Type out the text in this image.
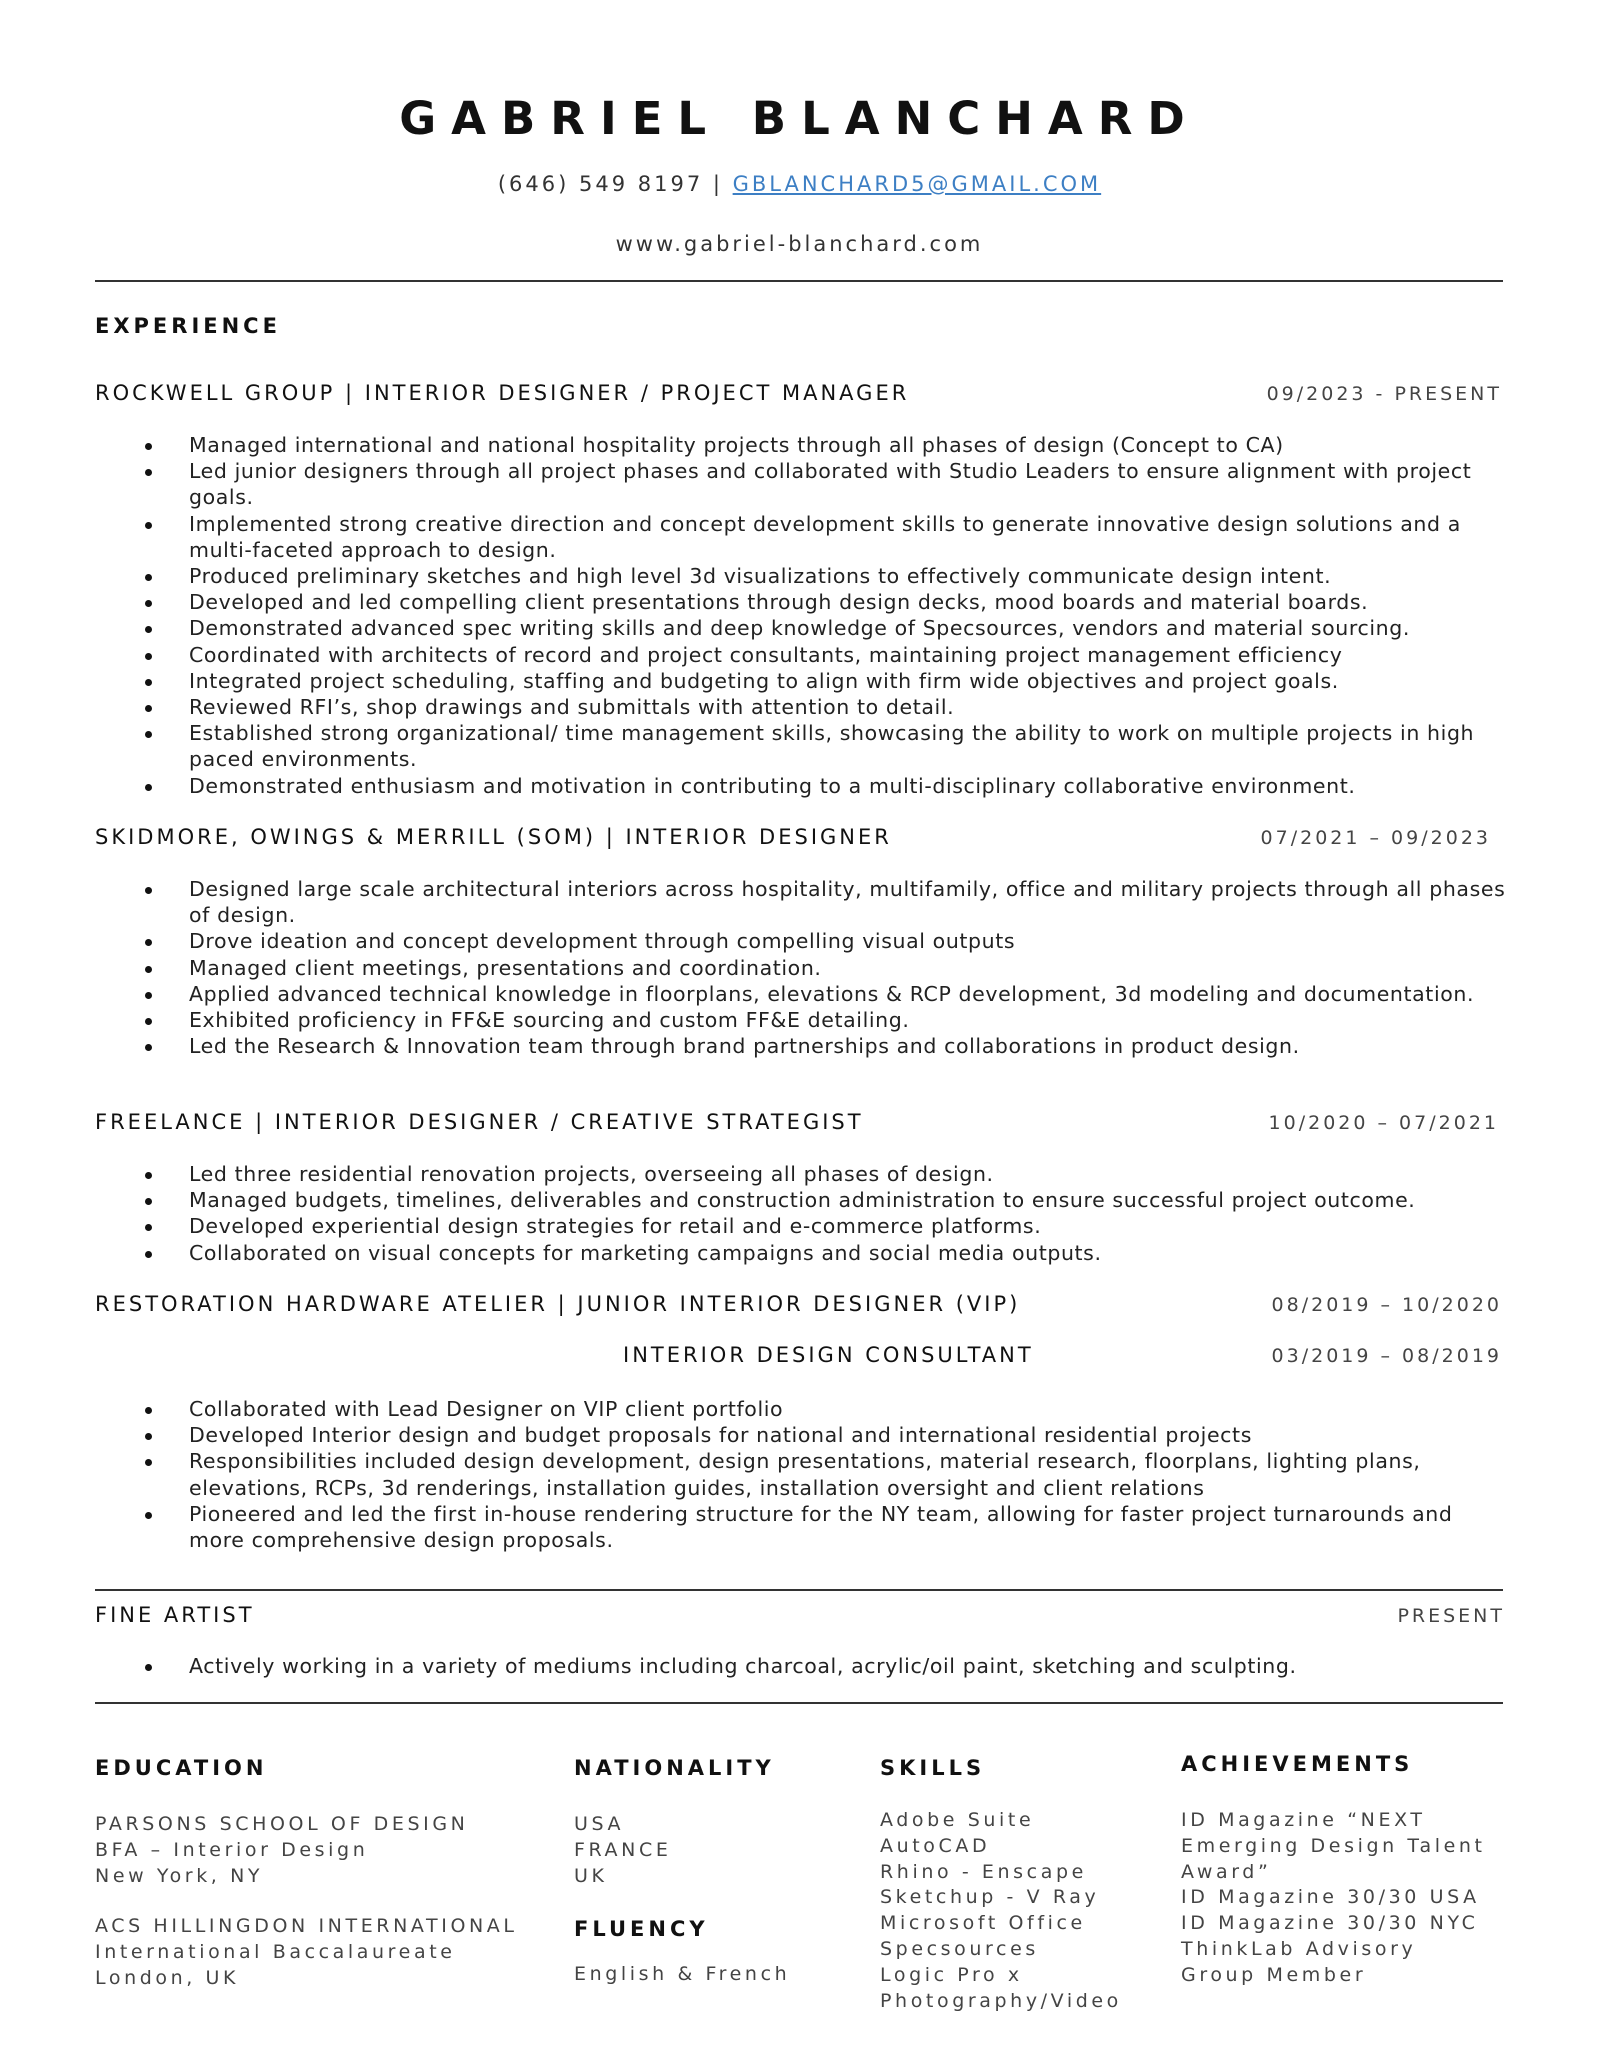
GABRIEL BLANCHARD
(646) 549 8197 | GBLANCHARD5@GMAIL.COM
www.gabriel-blanchard.com
EXPERIENCE
ROCKWELL GROUP | INTERIOR DESIGNER / PROJECT MANAGER	09/2023 - PRESENT
Managed international and national hospitality projects through all phases of design (Concept to CA)
Led junior designers through all project phases and collaborated with Studio Leaders to ensure alignment with project goals.
Implemented strong creative direction and concept development skills to generate innovative design solutions and a multi-faceted approach to design.
Produced preliminary sketches and high level 3d visualizations to effectively communicate design intent.
Developed and led compelling client presentations through design decks, mood boards and material boards.
Demonstrated advanced spec writing skills and deep knowledge of Specsources, vendors and material sourcing.
Coordinated with architects of record and project consultants, maintaining project management efficiency
Integrated project scheduling, staffing and budgeting to align with firm wide objectives and project goals.
Reviewed RFI’s, shop drawings and submittals with attention to detail.
Established strong organizational/ time management skills, showcasing the ability to work on multiple projects in high paced environments.
Demonstrated enthusiasm and motivation in contributing to a multi-disciplinary collaborative environment.
SKIDMORE, OWINGS & MERRILL (SOM) | INTERIOR DESIGNER	07/2021 – 09/2023
Designed large scale architectural interiors across hospitality, multifamily, office and military projects through all phases of design.
Drove ideation and concept development through compelling visual outputs
Managed client meetings, presentations and coordination.
Applied advanced technical knowledge in floorplans, elevations & RCP development, 3d modeling and documentation.
Exhibited proficiency in FF&E sourcing and custom FF&E detailing.
Led the Research & Innovation team through brand partnerships and collaborations in product design.
FREELANCE | INTERIOR DESIGNER / CREATIVE STRATEGIST	10/2020 – 07/2021
Led three residential renovation projects, overseeing all phases of design.
Managed budgets, timelines, deliverables and construction administration to ensure successful project outcome.
Developed experiential design strategies for retail and e-commerce platforms.
Collaborated on visual concepts for marketing campaigns and social media outputs.
RESTORATION HARDWARE ATELIER | JUNIOR INTERIOR DESIGNER (VIP)	08/2019 – 10/2020
INTERIOR DESIGN CONSULTANT	03/2019 – 08/2019
Collaborated with Lead Designer on VIP client portfolio
Developed Interior design and budget proposals for national and international residential projects
Responsibilities included design development, design presentations, material research, floorplans, lighting plans, elevations, RCPs, 3d renderings, installation guides, installation oversight and client relations
Pioneered and led the first in-house rendering structure for the NY team, allowing for faster project turnarounds and more comprehensive design proposals.
FINE ARTIST	PRESENT
Actively working in a variety of mediums including charcoal, acrylic/oil paint, sketching and sculpting.
EDUCATION
PARSONS SCHOOL OF DESIGN
BFA – Interior Design
New York, NY
ACS HILLINGDON INTERNATIONAL
International Baccalaureate
London, UK
NATIONALITY
USA
FRANCE
UK
FLUENCY
English & French
SKILLS
Adobe Suite
AutoCAD
Rhino - Enscape
Sketchup - V Ray
Microsoft Office
Specsources
Logic Pro x
Photography/Video
ACHIEVEMENTS
ID Magazine “NEXT
Emerging Design Talent
Award”
ID Magazine 30/30 USA
ID Magazine 30/30 NYC
ThinkLab Advisory
Group Member
